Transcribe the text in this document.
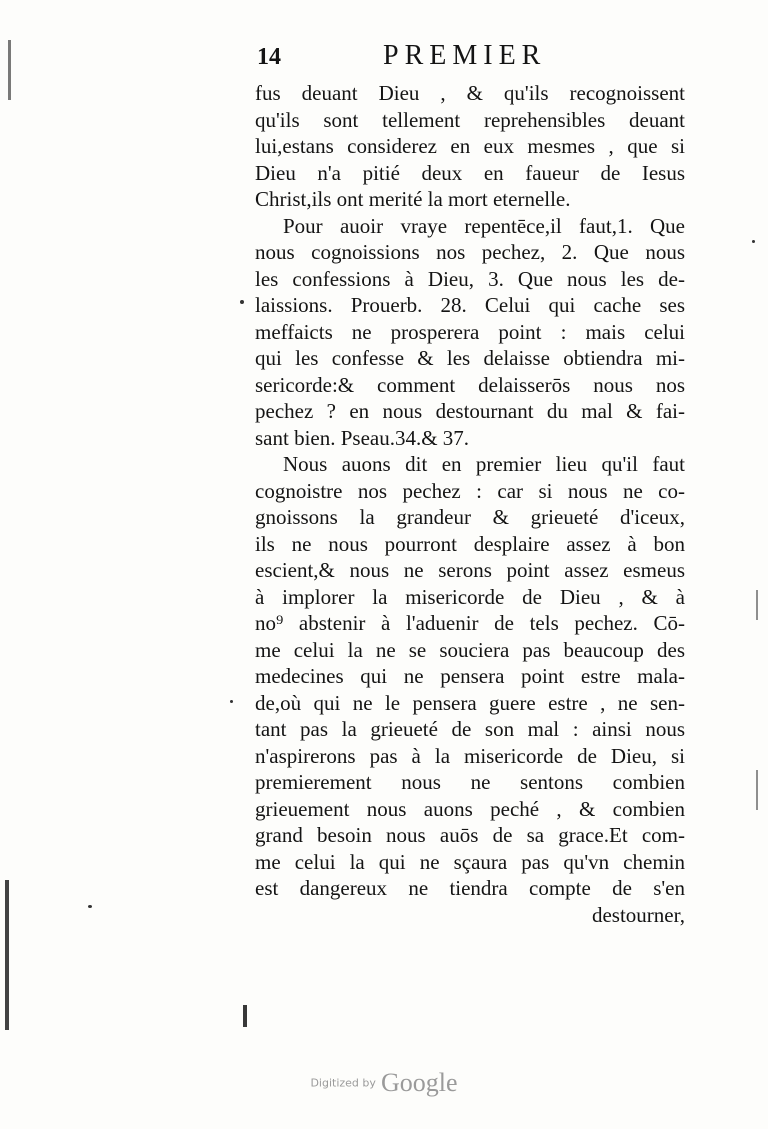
14	PREMIER
fus deuant Dieu , & qu'ils recognoissent
qu'ils sont tellement reprehensibles deuant
lui,estans considerez en eux mesmes , que si
Dieu n'a pitié deux en faueur de Iesus
Christ,ils ont merité la mort eternelle.
Pour auoir vraye repentēce,il faut,1. Que
nous cognoissions nos pechez, 2. Que nous
les confessions à Dieu, 3. Que nous les de-
laissions. Prouerb. 28. Celui qui cache ses
meffaicts ne prosperera point : mais celui
qui les confesse & les delaisse obtiendra mi-
sericorde:& comment delaisserōs nous nos
pechez ? en nous destournant du mal & fai-
sant bien. Pseau.34.& 37.
Nous auons dit en premier lieu qu'il faut
cognoistre nos pechez : car si nous ne co-
gnoissons la grandeur & grieueté d'iceux,
ils ne nous pourront desplaire assez à bon
escient,& nous ne serons point assez esmeus
à implorer la misericorde de Dieu , & à
no⁹ abstenir à l'aduenir de tels pechez. Cō-
me celui la ne se souciera pas beaucoup des
medecines qui ne pensera point estre mala-
de,où qui ne le pensera guere estre , ne sen-
tant pas la grieueté de son mal : ainsi nous
n'aspirerons pas à la misericorde de Dieu, si
premierement nous ne sentons combien
grieuement nous auons peché , & combien
grand besoin nous auōs de sa grace.Et com-
me celui la qui ne sçaura pas qu'vn chemin
est dangereux ne tiendra compte de s'en
destourner,
Digitized by Google
